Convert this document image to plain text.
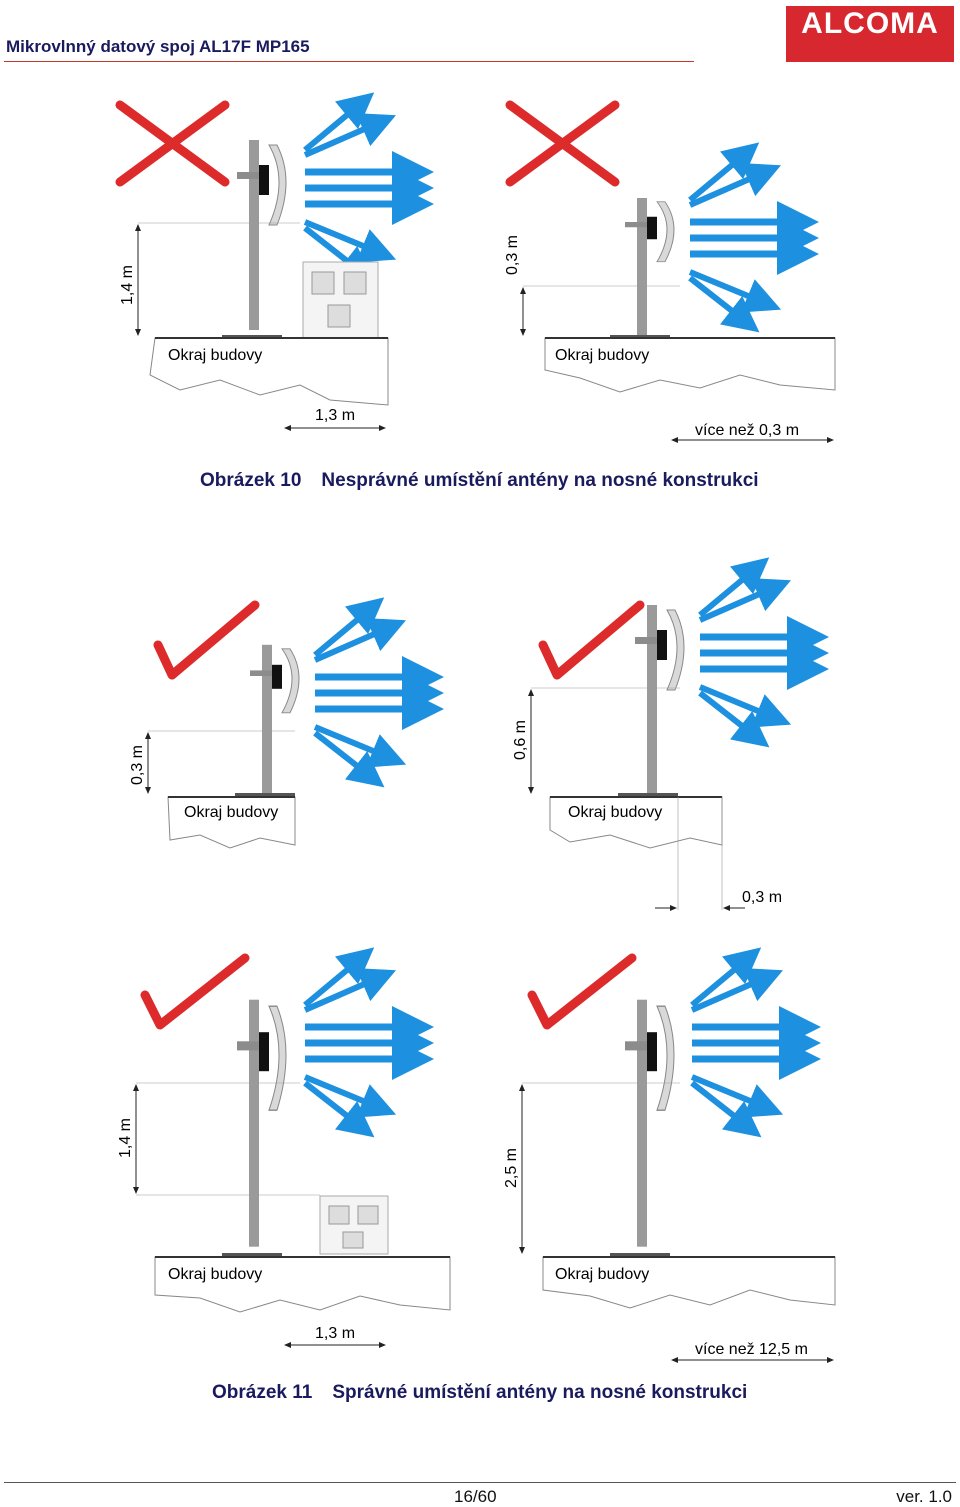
Mikrovlnný datový spoj AL17F MP165
ALCOMA
1,4 m
Okraj budovy
1,3 m
0,3 m
Okraj budovy
více než 0,3 m
0,3 m
Okraj budovy
0,6 m
Okraj budovy
0,3 m
1,4 m
Okraj budovy
1,3 m
2,5 m
Okraj budovy
více než 12,5 m
Obrázek 10 Nesprávné umístění antény na nosné konstrukci
Obrázek 11 Správné umístění antény na nosné konstrukci
16/60	ver. 1.0
